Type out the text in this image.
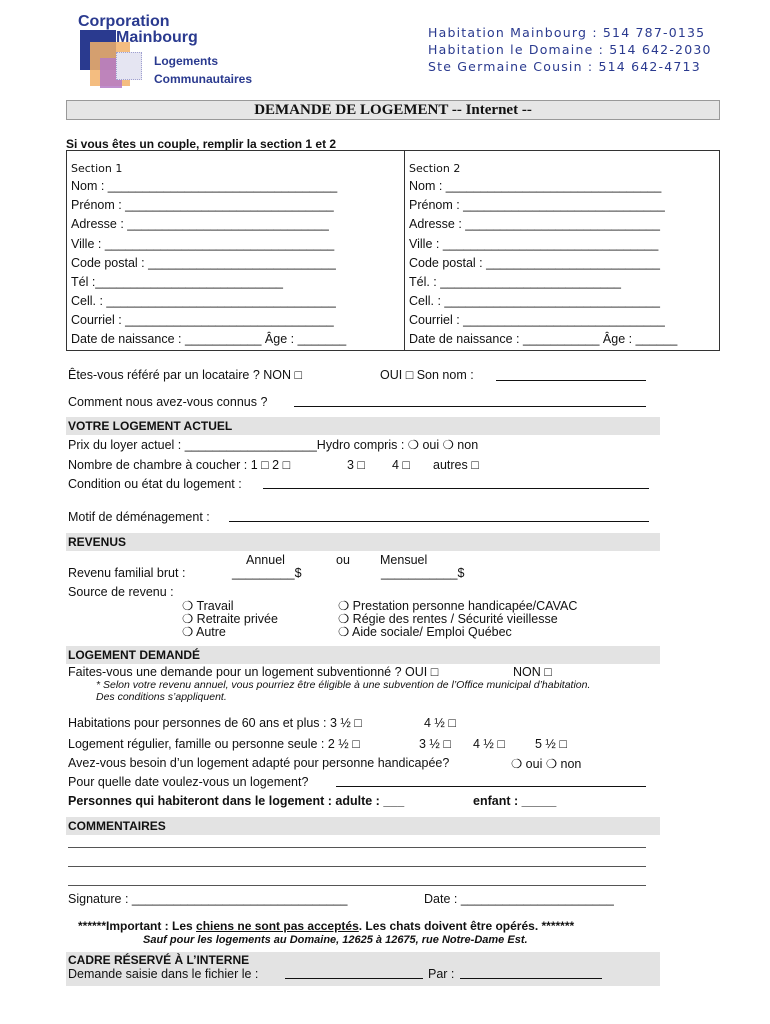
Corporation
Mainbourg
Logements
Communautaires
Habitation Mainbourg : 514 787-0135
Habitation le Domaine : 514 642-2030
Ste Germaine Cousin : 514 642-4713
DEMANDE DE LOGEMENT -- Internet --
Si vous êtes un couple, remplir la section 1 et 2
Section 1	Section 2
Nom : _________________________________
Prénom : ______________________________
Adresse : _____________________________
Ville : _________________________________
Code postal : ___________________________
Tél :___________________________
Cell. : _________________________________
Courriel : ______________________________
Date de naissance : ___________ Âge : _______
Nom : _______________________________
Prénom : _____________________________
Adresse : ____________________________
Ville : _______________________________
Code postal : _________________________
Tél. : __________________________
Cell. : _______________________________
Courriel : _____________________________
Date de naissance : ___________ Âge : ______
Êtes-vous référé par un locataire ? NON □	OUI □ Son nom :
Comment nous avez-vous connus ?
VOTRE LOGEMENT ACTUEL
Prix du loyer actuel : ___________________Hydro compris : ❍ oui ❍ non
Nombre de chambre à coucher : 1 □ 2 □	3 □ 4 □ autres □
Condition ou état du logement :
Motif de déménagement :
REVENUS
Annuel	ou Mensuel
Revenu familial brut :	_________$	___________$
Source de revenu :
❍ Travail
❍ Retraite privée
❍ Autre
❍ Prestation personne handicapée/CAVAC
❍ Régie des rentes / Sécurité vieillesse
❍ Aide sociale/ Emploi Québec
LOGEMENT DEMANDÉ
Faites-vous une demande pour un logement subventionné ? OUI □	NON □
* Selon votre revenu annuel, vous pourriez être éligible à une subvention de l’Office municipal d’habitation.
Des conditions s’appliquent.
Habitations pour personnes de 60 ans et plus : 3 ½ □	4 ½ □
Logement régulier, famille ou personne seule : 2 ½ □	3 ½ □ 4 ½ □ 5 ½ □
Avez-vous besoin d’un logement adapté pour personne handicapée?	❍ oui ❍ non
Pour quelle date voulez-vous un logement?
Personnes qui habiteront dans le logement : adulte : ___	enfant : _____
COMMENTAIRES
Signature : _______________________________	Date : ______________________
******Important : Les chiens ne sont pas acceptés. Les chats doivent être opérés. *******
Sauf pour les logements au Domaine, 12625 à 12675, rue Notre-Dame Est.
CADRE RÉSERVÉ À L’INTERNE
Demande saisie dans le fichier le :	Par :
